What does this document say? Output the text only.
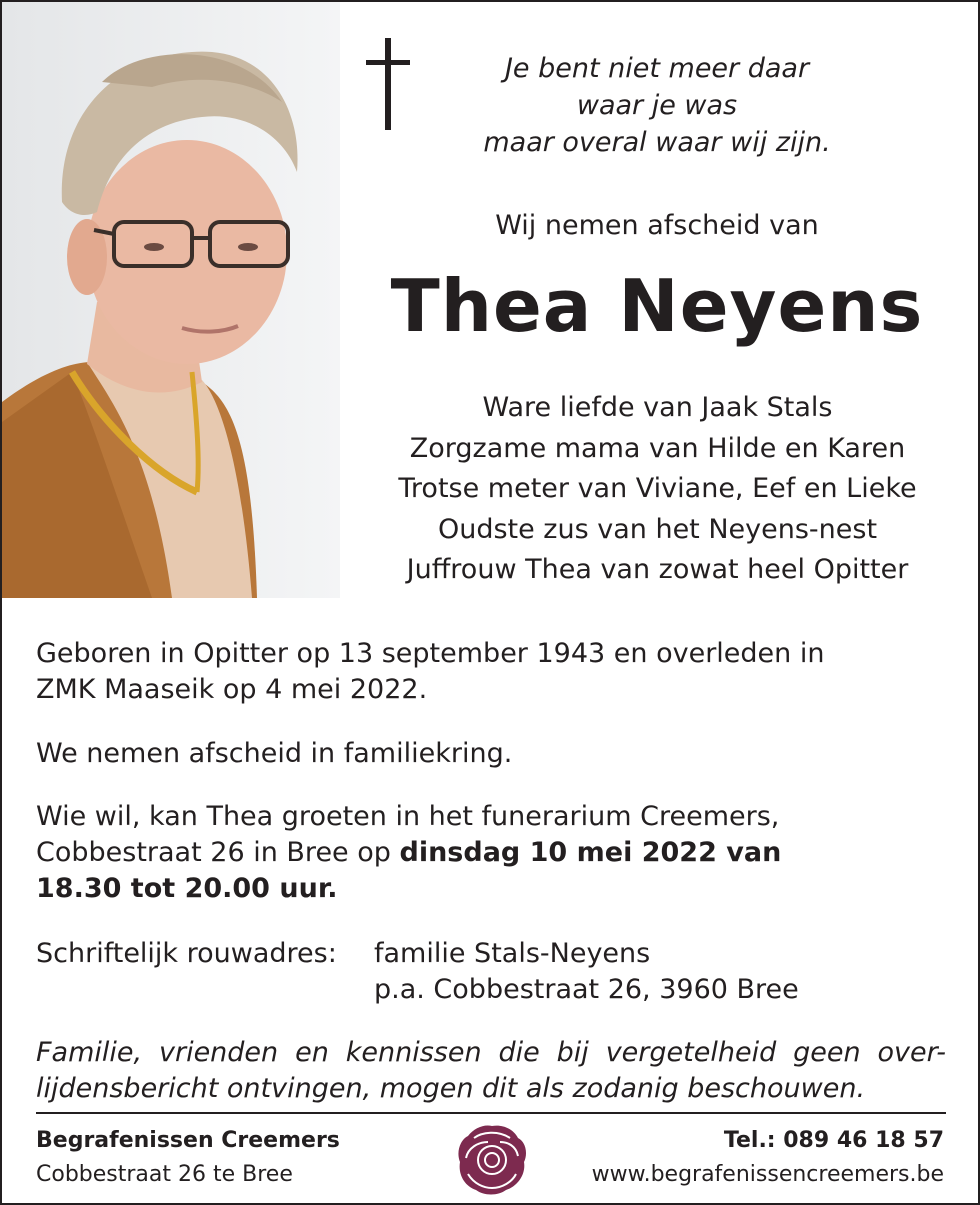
Je bent niet meer daar
waar je was
maar overal waar wij zijn.
Wij nemen afscheid van
Thea Neyens
Ware liefde van Jaak Stals
Zorgzame mama van Hilde en Karen
Trotse meter van Viviane, Eef en Lieke
Oudste zus van het Neyens-nest
Juffrouw Thea van zowat heel Opitter
Geboren in Opitter op 13 september 1943 en overleden in
ZMK Maaseik op 4 mei 2022.
We nemen afscheid in familiekring.
Wie wil, kan Thea groeten in het funerarium Creemers,
Cobbestraat 26 in Bree op dinsdag 10 mei 2022 van
18.30 tot 20.00 uur.
Schriftelijk rouwadres: familie Stals-Neyens
p.a. Cobbestraat 26, 3960 Bree
Familie, vrienden en kennissen die bij vergetelheid geen over-lijdensbericht ontvingen, mogen dit als zodanig beschouwen.
Begrafenissen Creemers
Cobbestraat 26 te Bree
Tel.: 089 46 18 57
www.begrafenissencreemers.be
